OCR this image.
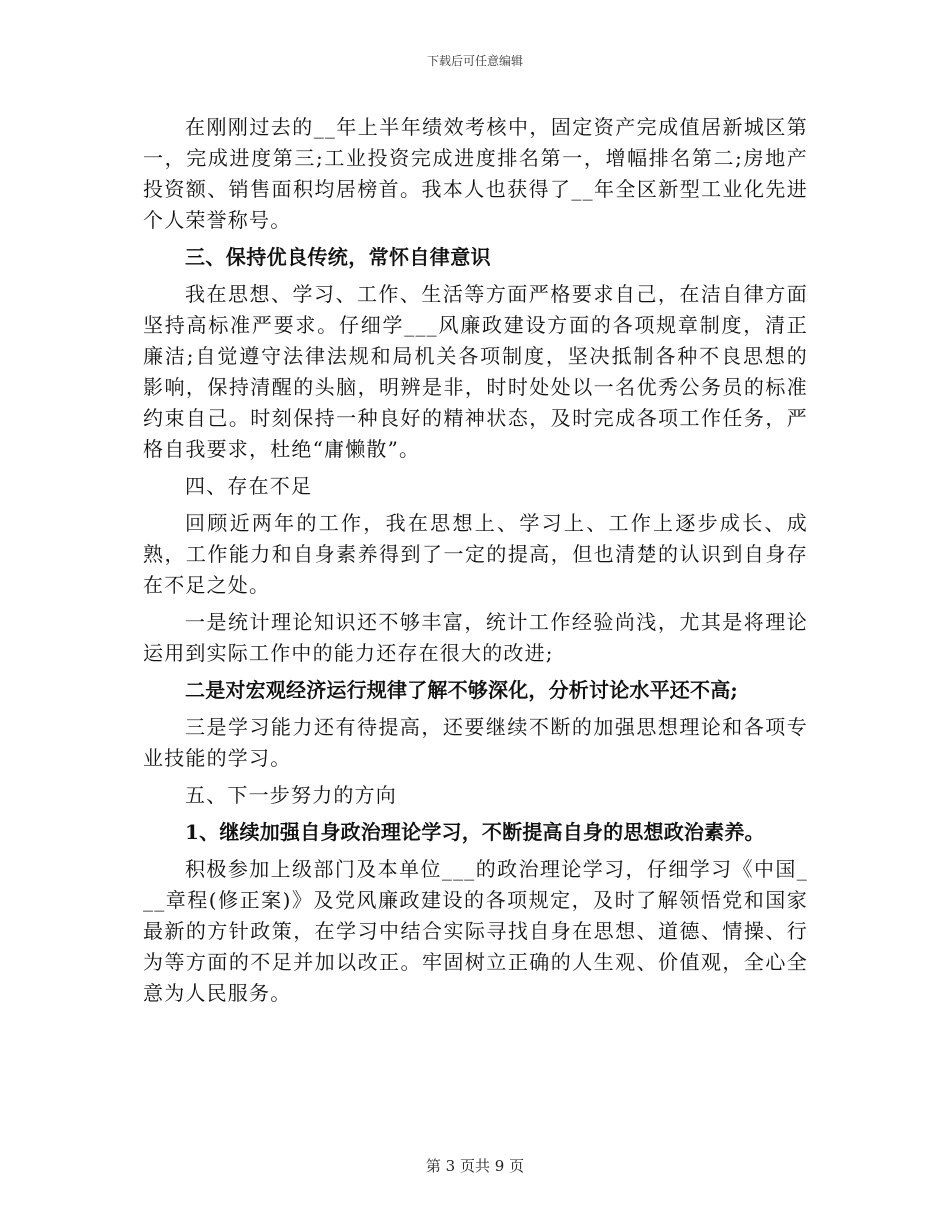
下载后可任意编辑

在刚刚过去的__年上半年绩效考核中，固定资产完成值居新城区第一，完成进度第三;工业投资完成进度排名第一，增幅排名第二;房地产投资额、销售面积均居榜首。我本人也获得了__年全区新型工业化先进个人荣誉称号。

三、保持优良传统，常怀自律意识

我在思想、学习、工作、生活等方面严格要求自己，在洁自律方面坚持高标准严要求。仔细学___风廉政建设方面的各项规章制度，清正廉洁;自觉遵守法律法规和局机关各项制度，坚决抵制各种不良思想的影响，保持清醒的头脑，明辨是非，时时处处以一名优秀公务员的标准约束自己。时刻保持一种良好的精神状态，及时完成各项工作任务，严格自我要求，杜绝“庸懒散”。

四、存在不足

回顾近两年的工作，我在思想上、学习上、工作上逐步成长、成熟，工作能力和自身素养得到了一定的提高，但也清楚的认识到自身存在不足之处。

一是统计理论知识还不够丰富，统计工作经验尚浅，尤其是将理论运用到实际工作中的能力还存在很大的改进;

二是对宏观经济运行规律了解不够深化，分析讨论水平还不高;

三是学习能力还有待提高，还要继续不断的加强思想理论和各项专业技能的学习。

五、下一步努力的方向

1、继续加强自身政治理论学习，不断提高自身的思想政治素养。

积极参加上级部门及本单位___的政治理论学习，仔细学习《中国___章程(修正案)》及党风廉政建设的各项规定，及时了解领悟党和国家最新的方针政策，在学习中结合实际寻找自身在思想、道德、情操、行为等方面的不足并加以改正。牢固树立正确的人生观、价值观，全心全意为人民服务。

第 3 页共 9 页
